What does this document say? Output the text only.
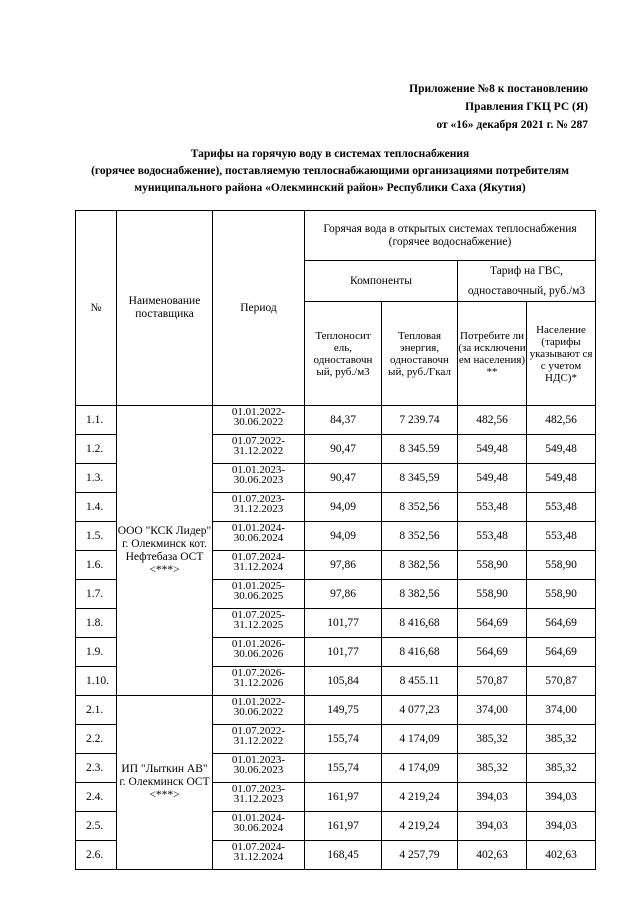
Приложение №8 к постановлению
Правления ГКЦ РС (Я)
от «16» декабря 2021 г. № 287
Тарифы на горячую воду в системах теплоснабжения
(горячее водоснабжение), поставляемую теплоснабжающими организациями потребителям
муниципального района «Олекминский район» Республики Саха (Якутия)
№	Наименование поставщика	Период	Горячая вода в открытых системах теплоснабжения (горячее водоснабжение)			
			Компоненты		Тариф на ГВС, одноставочный, руб./м3	
			Теплоносит ель, одноставочн ый, руб./м3	Тепловая энергия, одноставочн ый, руб./Гкал	Потребите ли (за исключени ем населения) **	Население (тарифы указывают ся с учетом НДС)*
1.1.	ООО "КСК Лидер" г. Олекминск кот. Нефтебаза ОСТ <***>	01.01.2022-
30.06.2022	84,37	7 239.74	482,56	482,56
1.2.		01.07.2022-
31.12.2022	90,47	8 345.59	549,48	549,48
1.3.		01.01.2023-
30.06.2023	90,47	8 345,59	549,48	549,48
1.4.		01.07.2023-
31.12.2023	94,09	8 352,56	553,48	553,48
1.5.		01.01.2024-
30.06.2024	94,09	8 352,56	553,48	553,48
1.6.		01.07.2024-
31.12.2024	97,86	8 382,56	558,90	558,90
1.7.		01.01.2025-
30.06.2025	97,86	8 382,56	558,90	558,90
1.8.		01.07.2025-
31.12.2025	101,77	8 416,68	564,69	564,69
1.9.		01.01.2026-
30.06.2026	101,77	8 416,68	564,69	564,69
1.10.		01.07.2026-
31.12.2026	105,84	8 455.11	570,87	570,87
2.1.	ИП "Лыткин АВ" г. Олекминск ОСТ <***>	01.01.2022-
30.06.2022	149,75	4 077,23	374,00	374,00
2.2.		01.07.2022-
31.12.2022	155,74	4 174,09	385,32	385,32
2.3.		01.01.2023-
30.06.2023	155,74	4 174,09	385,32	385,32
2.4.		01.07.2023-
31.12.2023	161,97	4 219,24	394,03	394,03
2.5.		01.01.2024-
30.06.2024	161,97	4 219,24	394,03	394,03
2.6.		01.07.2024-
31.12.2024	168,45	4 257,79	402,63	402,63
